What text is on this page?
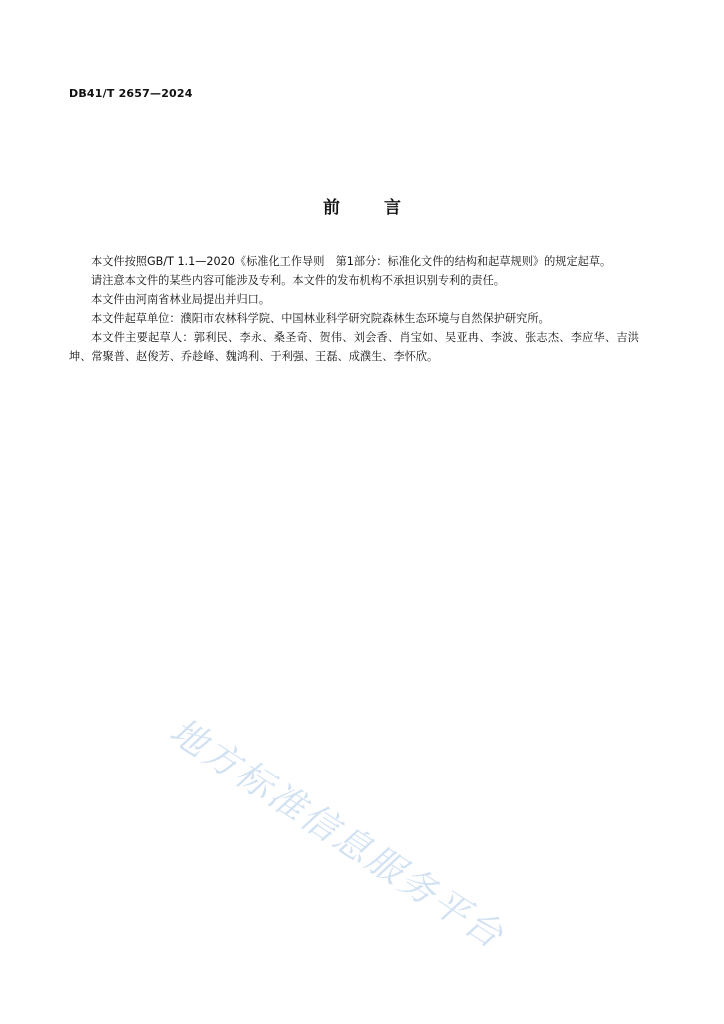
DB41/T 2657—2024
前	言

本文件按照GB/T 1.1—2020《标准化工作导则　第1部分：标准化文件的结构和起草规则》的规定起草。

请注意本文件的某些内容可能涉及专利。本文件的发布机构不承担识别专利的责任。

本文件由河南省林业局提出并归口。

本文件起草单位：濮阳市农林科学院、中国林业科学研究院森林生态环境与自然保护研究所。

本文件主要起草人：郭利民、李永、桑圣奇、贺伟、刘会香、肖宝如、吴亚冉、李波、张志杰、李应华、吉洪坤、常聚普、赵俊芳、乔趁峰、魏鸿利、于利强、王磊、成濮生、李怀欣。

地方标准信息服务平台
